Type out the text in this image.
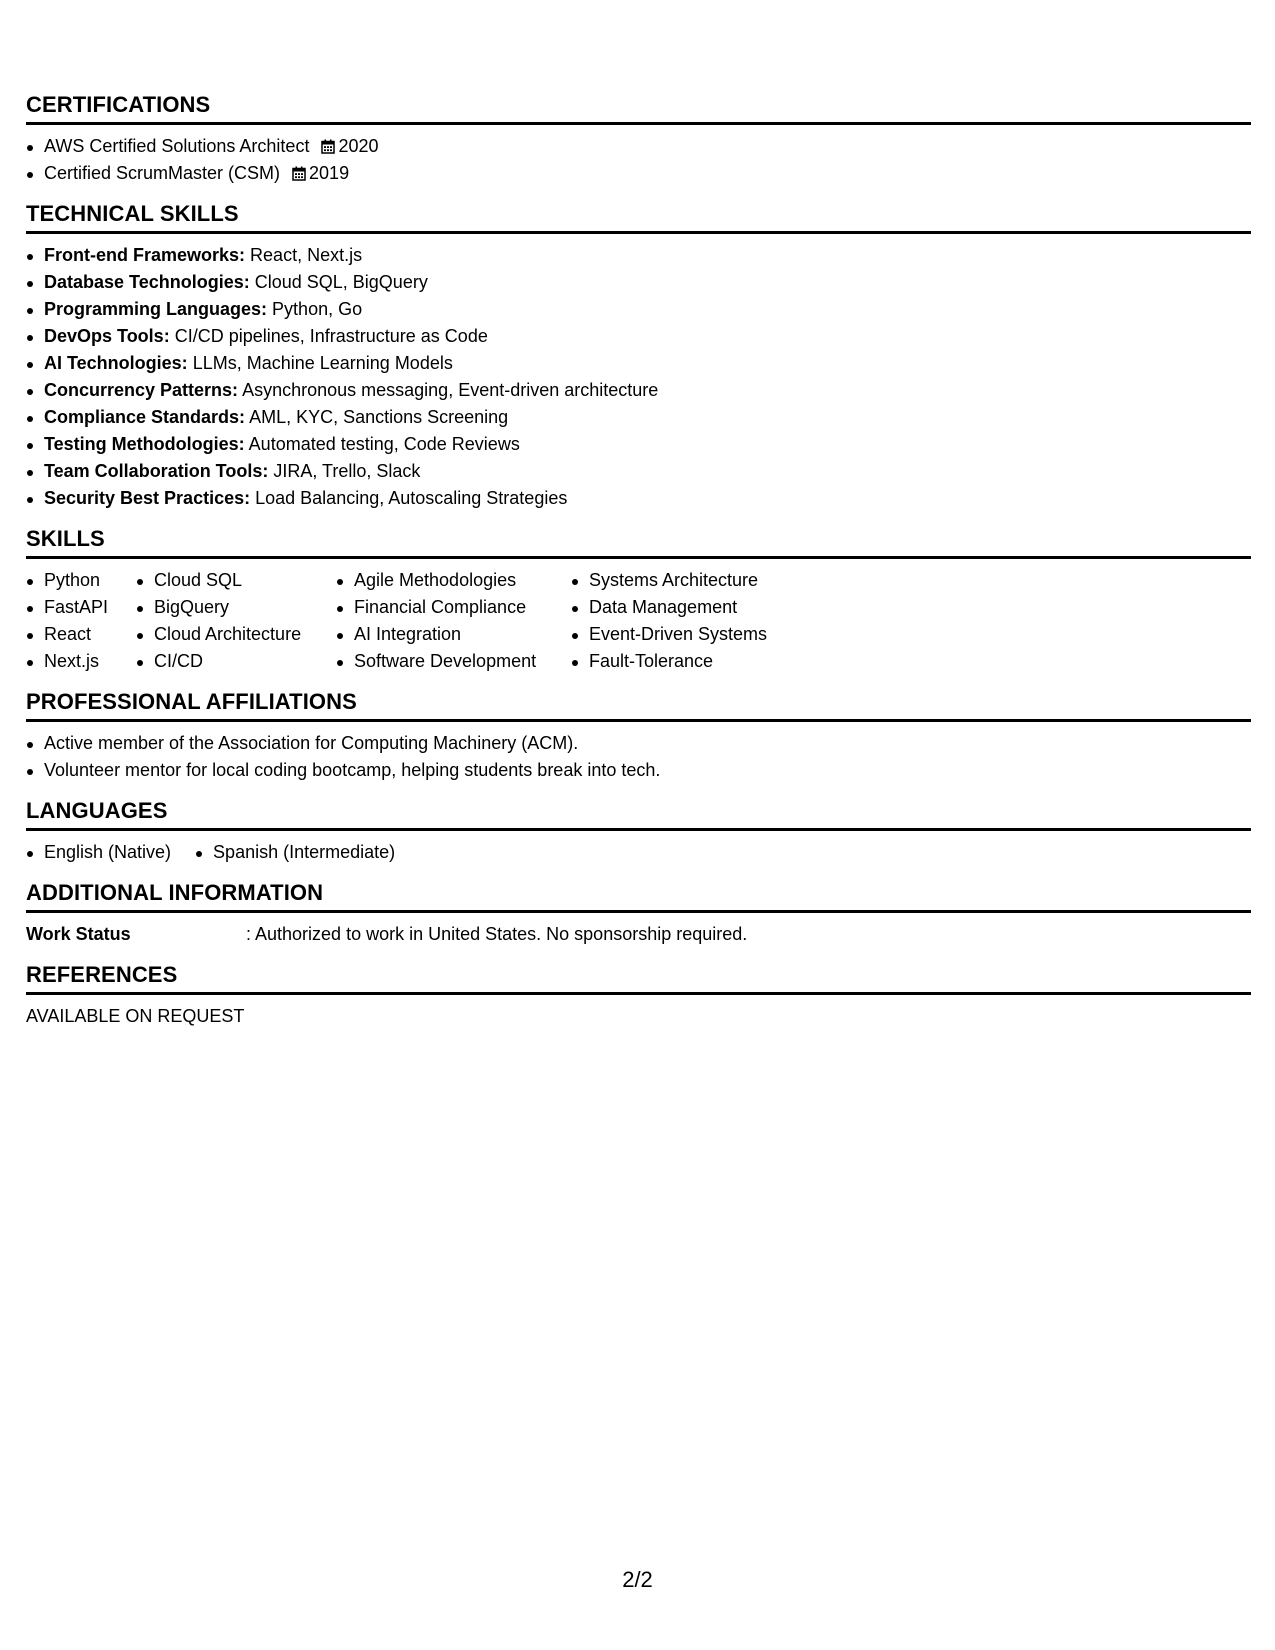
CERTIFICATIONS
AWS Certified Solutions Architect 2020
Certified ScrumMaster (CSM) 2019
TECHNICAL SKILLS
Front-end Frameworks: React, Next.js
Database Technologies: Cloud SQL, BigQuery
Programming Languages: Python, Go
DevOps Tools: CI/CD pipelines, Infrastructure as Code
AI Technologies: LLMs, Machine Learning Models
Concurrency Patterns: Asynchronous messaging, Event-driven architecture
Compliance Standards: AML, KYC, Sanctions Screening
Testing Methodologies: Automated testing, Code Reviews
Team Collaboration Tools: JIRA, Trello, Slack
Security Best Practices: Load Balancing, Autoscaling Strategies
SKILLS
Python
FastAPI
React
Next.js
Cloud SQL
BigQuery
Cloud Architecture
CI/CD
Agile Methodologies
Financial Compliance
AI Integration
Software Development
Systems Architecture
Data Management
Event-Driven Systems
Fault-Tolerance
PROFESSIONAL AFFILIATIONS
Active member of the Association for Computing Machinery (ACM).
Volunteer mentor for local coding bootcamp, helping students break into tech.
LANGUAGES
English (Native)	Spanish (Intermediate)
ADDITIONAL INFORMATION
Work Status	: Authorized to work in United States. No sponsorship required.
REFERENCES
AVAILABLE ON REQUEST
2/2
